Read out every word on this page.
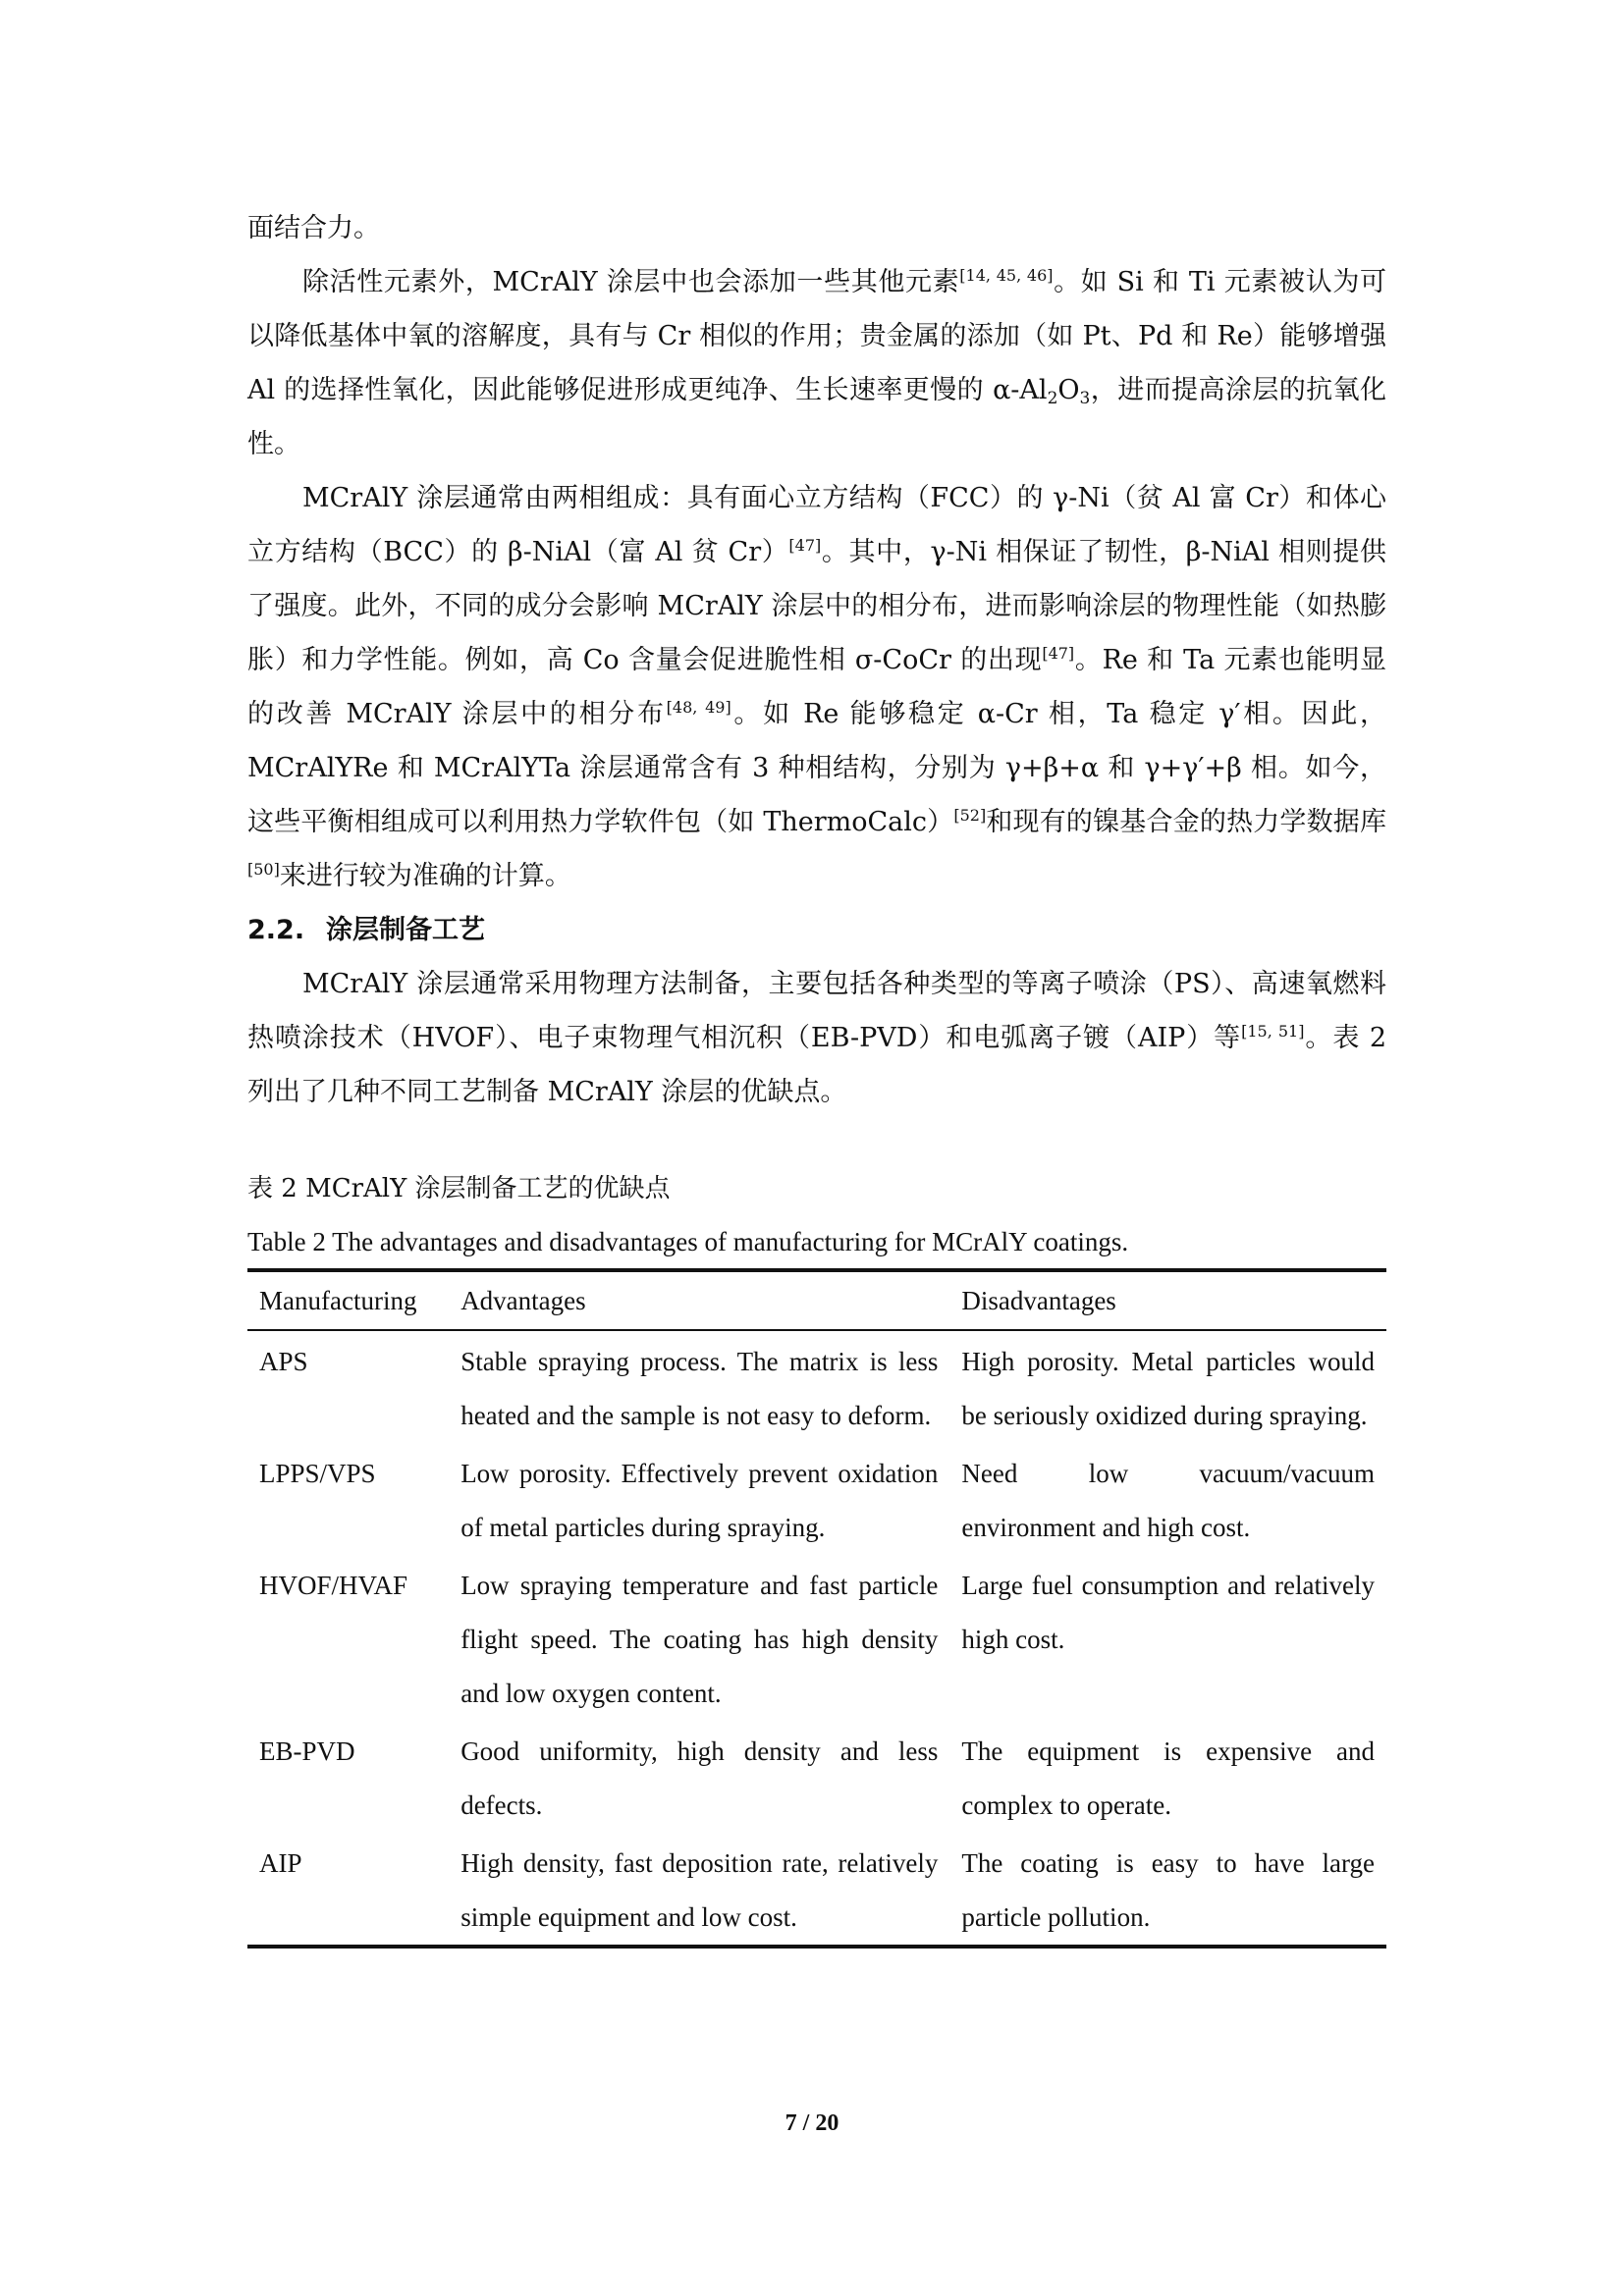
面结合力。

除活性元素外，MCrAlY 涂层中也会添加一些其他元素[14, 45, 46]。如 Si 和 Ti 元素被认为可以降低基体中氧的溶解度，具有与 Cr 相似的作用；贵金属的添加（如 Pt、Pd 和 Re）能够增强 Al 的选择性氧化，因此能够促进形成更纯净、生长速率更慢的 $\alpha-Al_2O_3$，进而提高涂层的抗氧化性。

MCrAlY 涂层通常由两相组成：具有面心立方结构（FCC）的 γ-Ni（贫 Al 富 Cr）和体心立方结构（BCC）的 β-NiAl（富 Al 贫 Cr）[47]。其中，γ-Ni 相保证了韧性，β-NiAl 相则提供了强度。此外，不同的成分会影响 MCrAlY 涂层中的相分布，进而影响涂层的物理性能（如热膨胀）和力学性能。例如，高 Co 含量会促进脆性相 σ-CoCr 的出现[47]。Re 和 Ta 元素也能明显的改善 MCrAlY 涂层中的相分布[48, 49]。如 Re 能够稳定 α-Cr 相，Ta 稳定 γ′相。因此，MCrAlYRe 和 MCrAlYTa 涂层通常含有 3 种相结构，分别为 γ+β+α 和 γ+γ′+β 相。如今，这些平衡相组成可以利用热力学软件包（如 ThermoCalc）[52]和现有的镍基合金的热力学数据库[50]来进行较为准确的计算。

2.2. 涂层制备工艺

MCrAlY 涂层通常采用物理方法制备，主要包括各种类型的等离子喷涂（PS）、高速氧燃料热喷涂技术（HVOF）、电子束物理气相沉积（EB-PVD）和电弧离子镀（AIP）等[15, 51]。表 2 列出了几种不同工艺制备 MCrAlY 涂层的优缺点。

表 2 MCrAlY 涂层制备工艺的优缺点
Table 2 The advantages and disadvantages of manufacturing for MCrAlY coatings.
Manufacturing	Advantages	Disadvantages
APS	Stable spraying process. The matrix is less heated and the sample is not easy to deform.	High porosity. Metal particles would be seriously oxidized during spraying.
LPPS/VPS	Low porosity. Effectively prevent oxidation of metal particles during spraying.	Need low vacuum/vacuum environment and high cost.
HVOF/HVAF	Low spraying temperature and fast particle flight speed. The coating has high density and low oxygen content.	Large fuel consumption and relatively high cost.
EB-PVD	Good uniformity, high density and less defects.	The equipment is expensive and complex to operate.
AIP	High density, fast deposition rate, relatively simple equipment and low cost.	The coating is easy to have large particle pollution.
7 / 20
